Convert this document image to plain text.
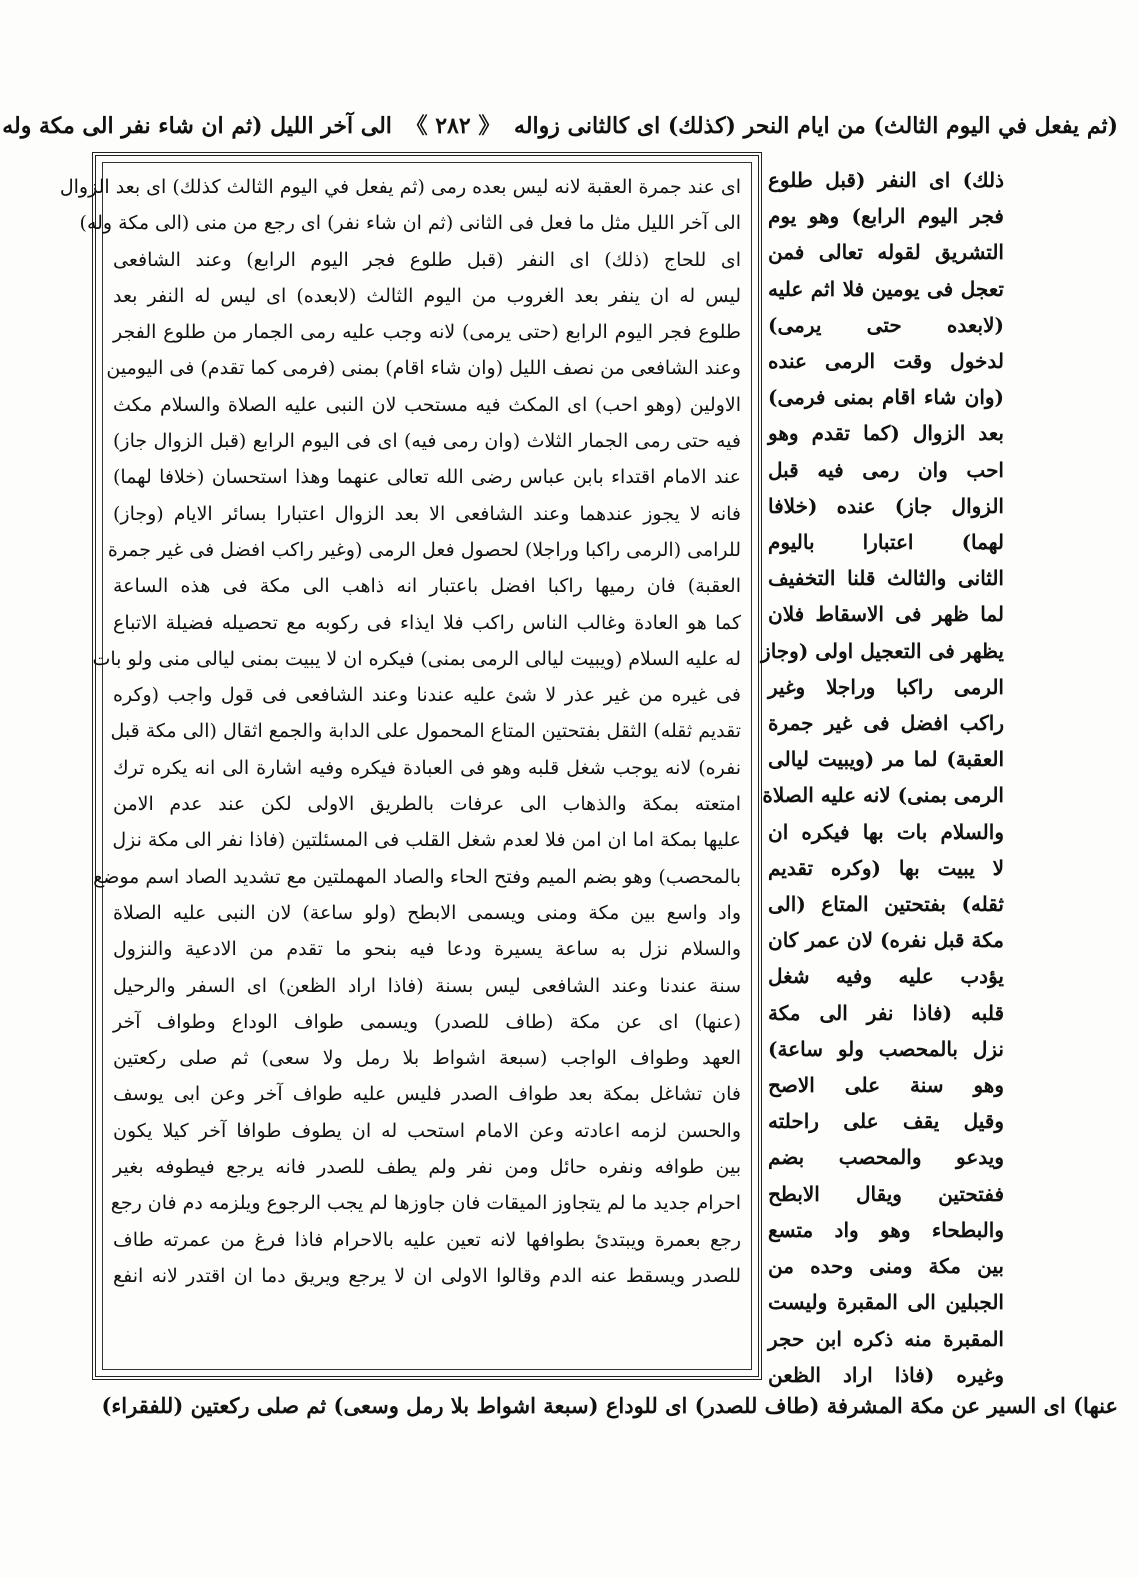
(ثم يفعل في اليوم الثالث) من ايام النحر (كذلك) اى كالثانى زواله 《 ۲۸۲ 》 الى آخر الليل (ثم ان شاء نفر الى مكة وله
اى عند جمرة العقبة لانه ليس بعده رمى (ثم يفعل في اليوم الثالث كذلك) اى بعد الزوال
الى آخر الليل مثل ما فعل فى الثانى (ثم ان شاء نفر) اى رجع من منى (الى مكة وله)
اى للحاج (ذلك) اى النفر (قبل طلوع فجر اليوم الرابع) وعند الشافعى
ليس له ان ينفر بعد الغروب من اليوم الثالث (لابعده) اى ليس له النفر بعد
طلوع فجر اليوم الرابع (حتى يرمى) لانه وجب عليه رمى الجمار من طلوع الفجر
وعند الشافعى من نصف الليل (وان شاء اقام) بمنى (فرمى كما تقدم) فى اليومين
الاولين (وهو احب) اى المكث فيه مستحب لان النبى عليه الصلاة والسلام مكث
فيه حتى رمى الجمار الثلاث (وان رمى فيه) اى فى اليوم الرابع (قبل الزوال جاز)
عند الامام اقتداء بابن عباس رضى الله تعالى عنهما وهذا استحسان (خلافا لهما)
فانه لا يجوز عندهما وعند الشافعى الا بعد الزوال اعتبارا بسائر الايام (وجاز)
للرامى (الرمى راكبا وراجلا) لحصول فعل الرمى (وغير راكب افضل فى غير جمرة
العقبة) فان رميها راكبا افضل باعتبار انه ذاهب الى مكة فى هذه الساعة
كما هو العادة وغالب الناس راكب فلا ايذاء فى ركوبه مع تحصيله فضيلة الاتباع
له عليه السلام (ويبيت ليالى الرمى بمنى) فيكره ان لا يبيت بمنى ليالى منى ولو بات
فى غيره من غير عذر لا شئ عليه عندنا وعند الشافعى فى قول واجب (وكره
تقديم ثقله) الثقل بفتحتين المتاع المحمول على الدابة والجمع اثقال (الى مكة قبل
نفره) لانه يوجب شغل قلبه وهو فى العبادة فيكره وفيه اشارة الى انه يكره ترك
امتعته بمكة والذهاب الى عرفات بالطريق الاولى لكن عند عدم الامن
عليها بمكة اما ان امن فلا لعدم شغل القلب فى المسئلتين (فاذا نفر الى مكة نزل
بالمحصب) وهو بضم الميم وفتح الحاء والصاد المهملتين مع تشديد الصاد اسم موضع
واد واسع بين مكة ومنى ويسمى الابطح (ولو ساعة) لان النبى عليه الصلاة
والسلام نزل به ساعة يسيرة ودعا فيه بنحو ما تقدم من الادعية والنزول
سنة عندنا وعند الشافعى ليس بسنة (فاذا اراد الظعن) اى السفر والرحيل
(عنها) اى عن مكة (طاف للصدر) ويسمى طواف الوداع وطواف آخر
العهد وطواف الواجب (سبعة اشواط بلا رمل ولا سعى) ثم صلى ركعتين
فان تشاغل بمكة بعد طواف الصدر فليس عليه طواف آخر وعن ابى يوسف
والحسن لزمه اعادته وعن الامام استحب له ان يطوف طوافا آخر كيلا يكون
بين طوافه ونفره حائل ومن نفر ولم يطف للصدر فانه يرجع فيطوفه بغير
احرام جديد ما لم يتجاوز الميقات فان جاوزها لم يجب الرجوع ويلزمه دم فان رجع
رجع بعمرة ويبتدئ بطوافها لانه تعين عليه بالاحرام فاذا فرغ من عمرته طاف
للصدر ويسقط عنه الدم وقالوا الاولى ان لا يرجع ويريق دما ان اقتدر لانه انفع
ذلك) اى النفر (قبل طلوع
فجر اليوم الرابع) وهو يوم
التشريق لقوله تعالى فمن
تعجل فى يومين فلا اثم عليه
(لابعده حتى يرمى)
لدخول وقت الرمى عنده
(وان شاء اقام بمنى فرمى)
بعد الزوال (كما تقدم وهو
احب وان رمى فيه قبل
الزوال جاز) عنده (خلافا
لهما) اعتبارا باليوم
الثانى والثالث قلنا التخفيف
لما ظهر فى الاسقاط فلان
يظهر فى التعجيل اولى (وجاز
الرمى راكبا وراجلا وغير
راكب افضل فى غير جمرة
العقبة) لما مر (ويبيت ليالى
الرمى بمنى) لانه عليه الصلاة
والسلام بات بها فيكره ان
لا يبيت بها (وكره تقديم
ثقله) بفتحتين المتاع (الى
مكة قبل نفره) لان عمر كان
يؤدب عليه وفيه شغل
قلبه (فاذا نفر الى مكة
نزل بالمحصب ولو ساعة)
وهو سنة على الاصح
وقيل يقف على راحلته
ويدعو والمحصب بضم
ففتحتين ويقال الابطح
والبطحاء وهو واد متسع
بين مكة ومنى وحده من
الجبلين الى المقبرة وليست
المقبرة منه ذكره ابن حجر
وغيره (فاذا اراد الظعن
عنها) اى السير عن مكة المشرفة (طاف للصدر) اى للوداع (سبعة اشواط بلا رمل وسعى) ثم صلى ركعتين (للفقراء)
